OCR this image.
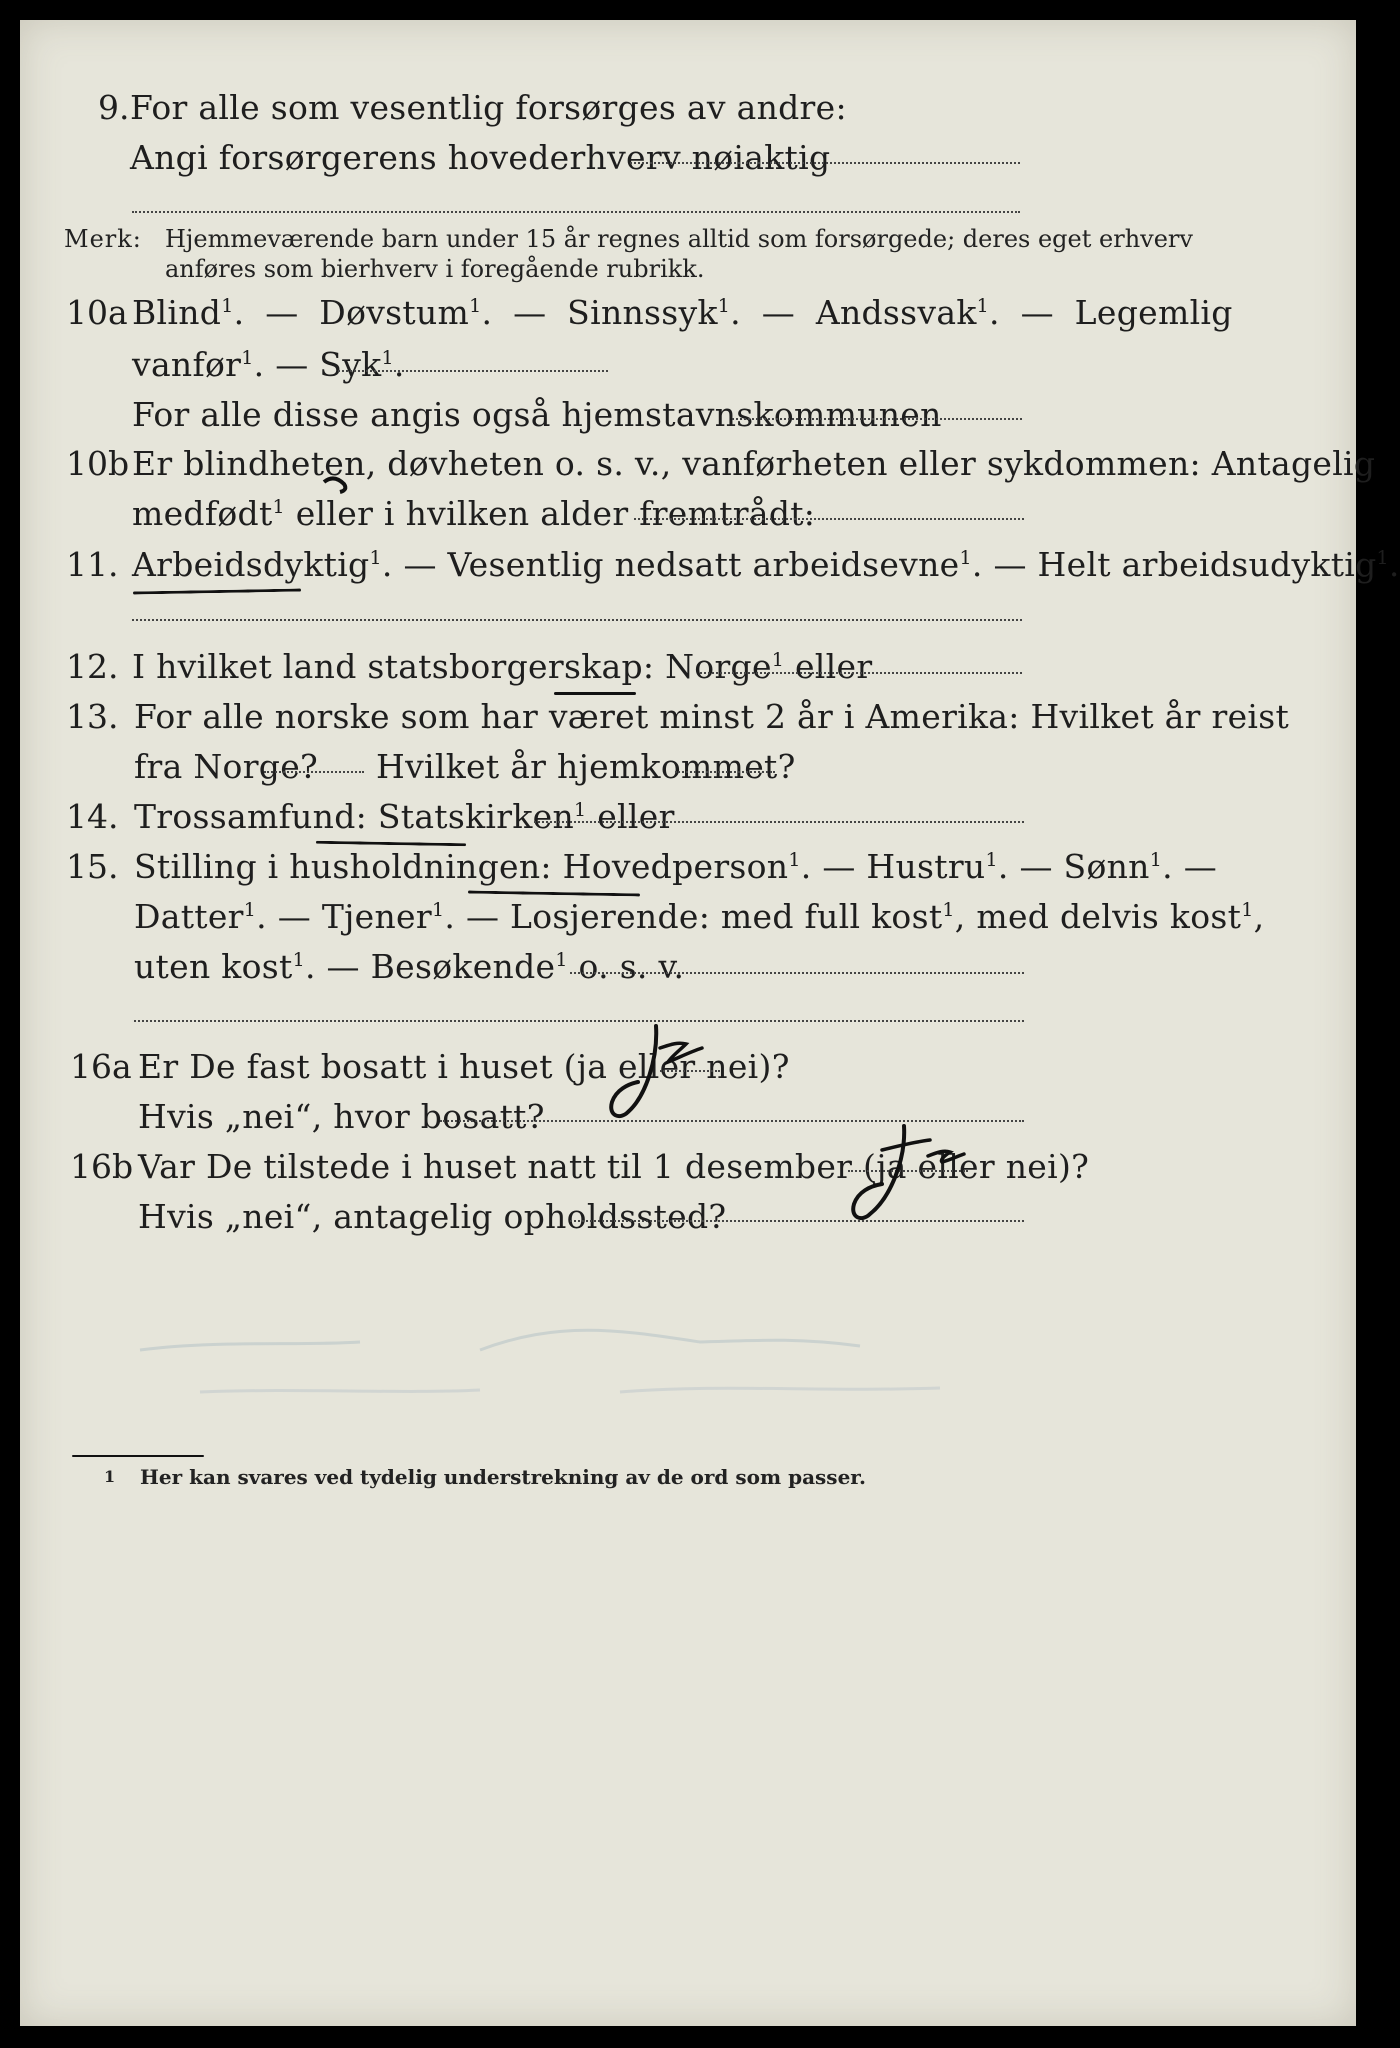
9. For alle som vesentlig forsørges av andre:
Angi forsørgerens hovederhverv nøiaktig
Merk: Hjemmeværende barn under 15 år regnes alltid som forsørgede; deres eget erhverv
anføres som bierhverv i foregående rubrikk.
10a Blind$^1$. — Døvstum$^1$. — Sinnssyk$^1$. — Andssvak$^1$. — Legemlig
vanfør$^1$. — Syk$^1$.
For alle disse angis også hjemstavnskommunen
10b Er blindheten, døvheten o. s. v., vanførheten eller sykdommen: Antagelig
medfødt$^1$ eller i hvilken alder fremtrådt:
11. Arbeidsdyktig$^1$. — Vesentlig nedsatt arbeidsevne$^1$. — Helt arbeidsudyktig$^1$.
12. I hvilket land statsborgerskap: Norge$^1$ eller
13. For alle norske som har været minst 2 år i Amerika: Hvilket år reist
fra Norge? Hvilket år hjemkommet?
14. Trossamfund: Statskirken$^1$ eller
15. Stilling i husholdningen: Hovedperson$^1$. — Hustru$^1$. — Sønn$^1$. —
Datter$^1$. — Tjener$^1$. — Losjerende: med full kost$^1$, med delvis kost$^1$,
uten kost$^1$. — Besøkende$^1$ o. s. v.
16a Er De fast bosatt i huset (ja eller nei)?
Hvis „nei“, hvor bosatt?
16b Var De tilstede i huset natt til 1 desember (ja eller nei)?
Hvis „nei“, antagelig opholdssted?
1 Her kan svares ved tydelig understrekning av de ord som passer.
